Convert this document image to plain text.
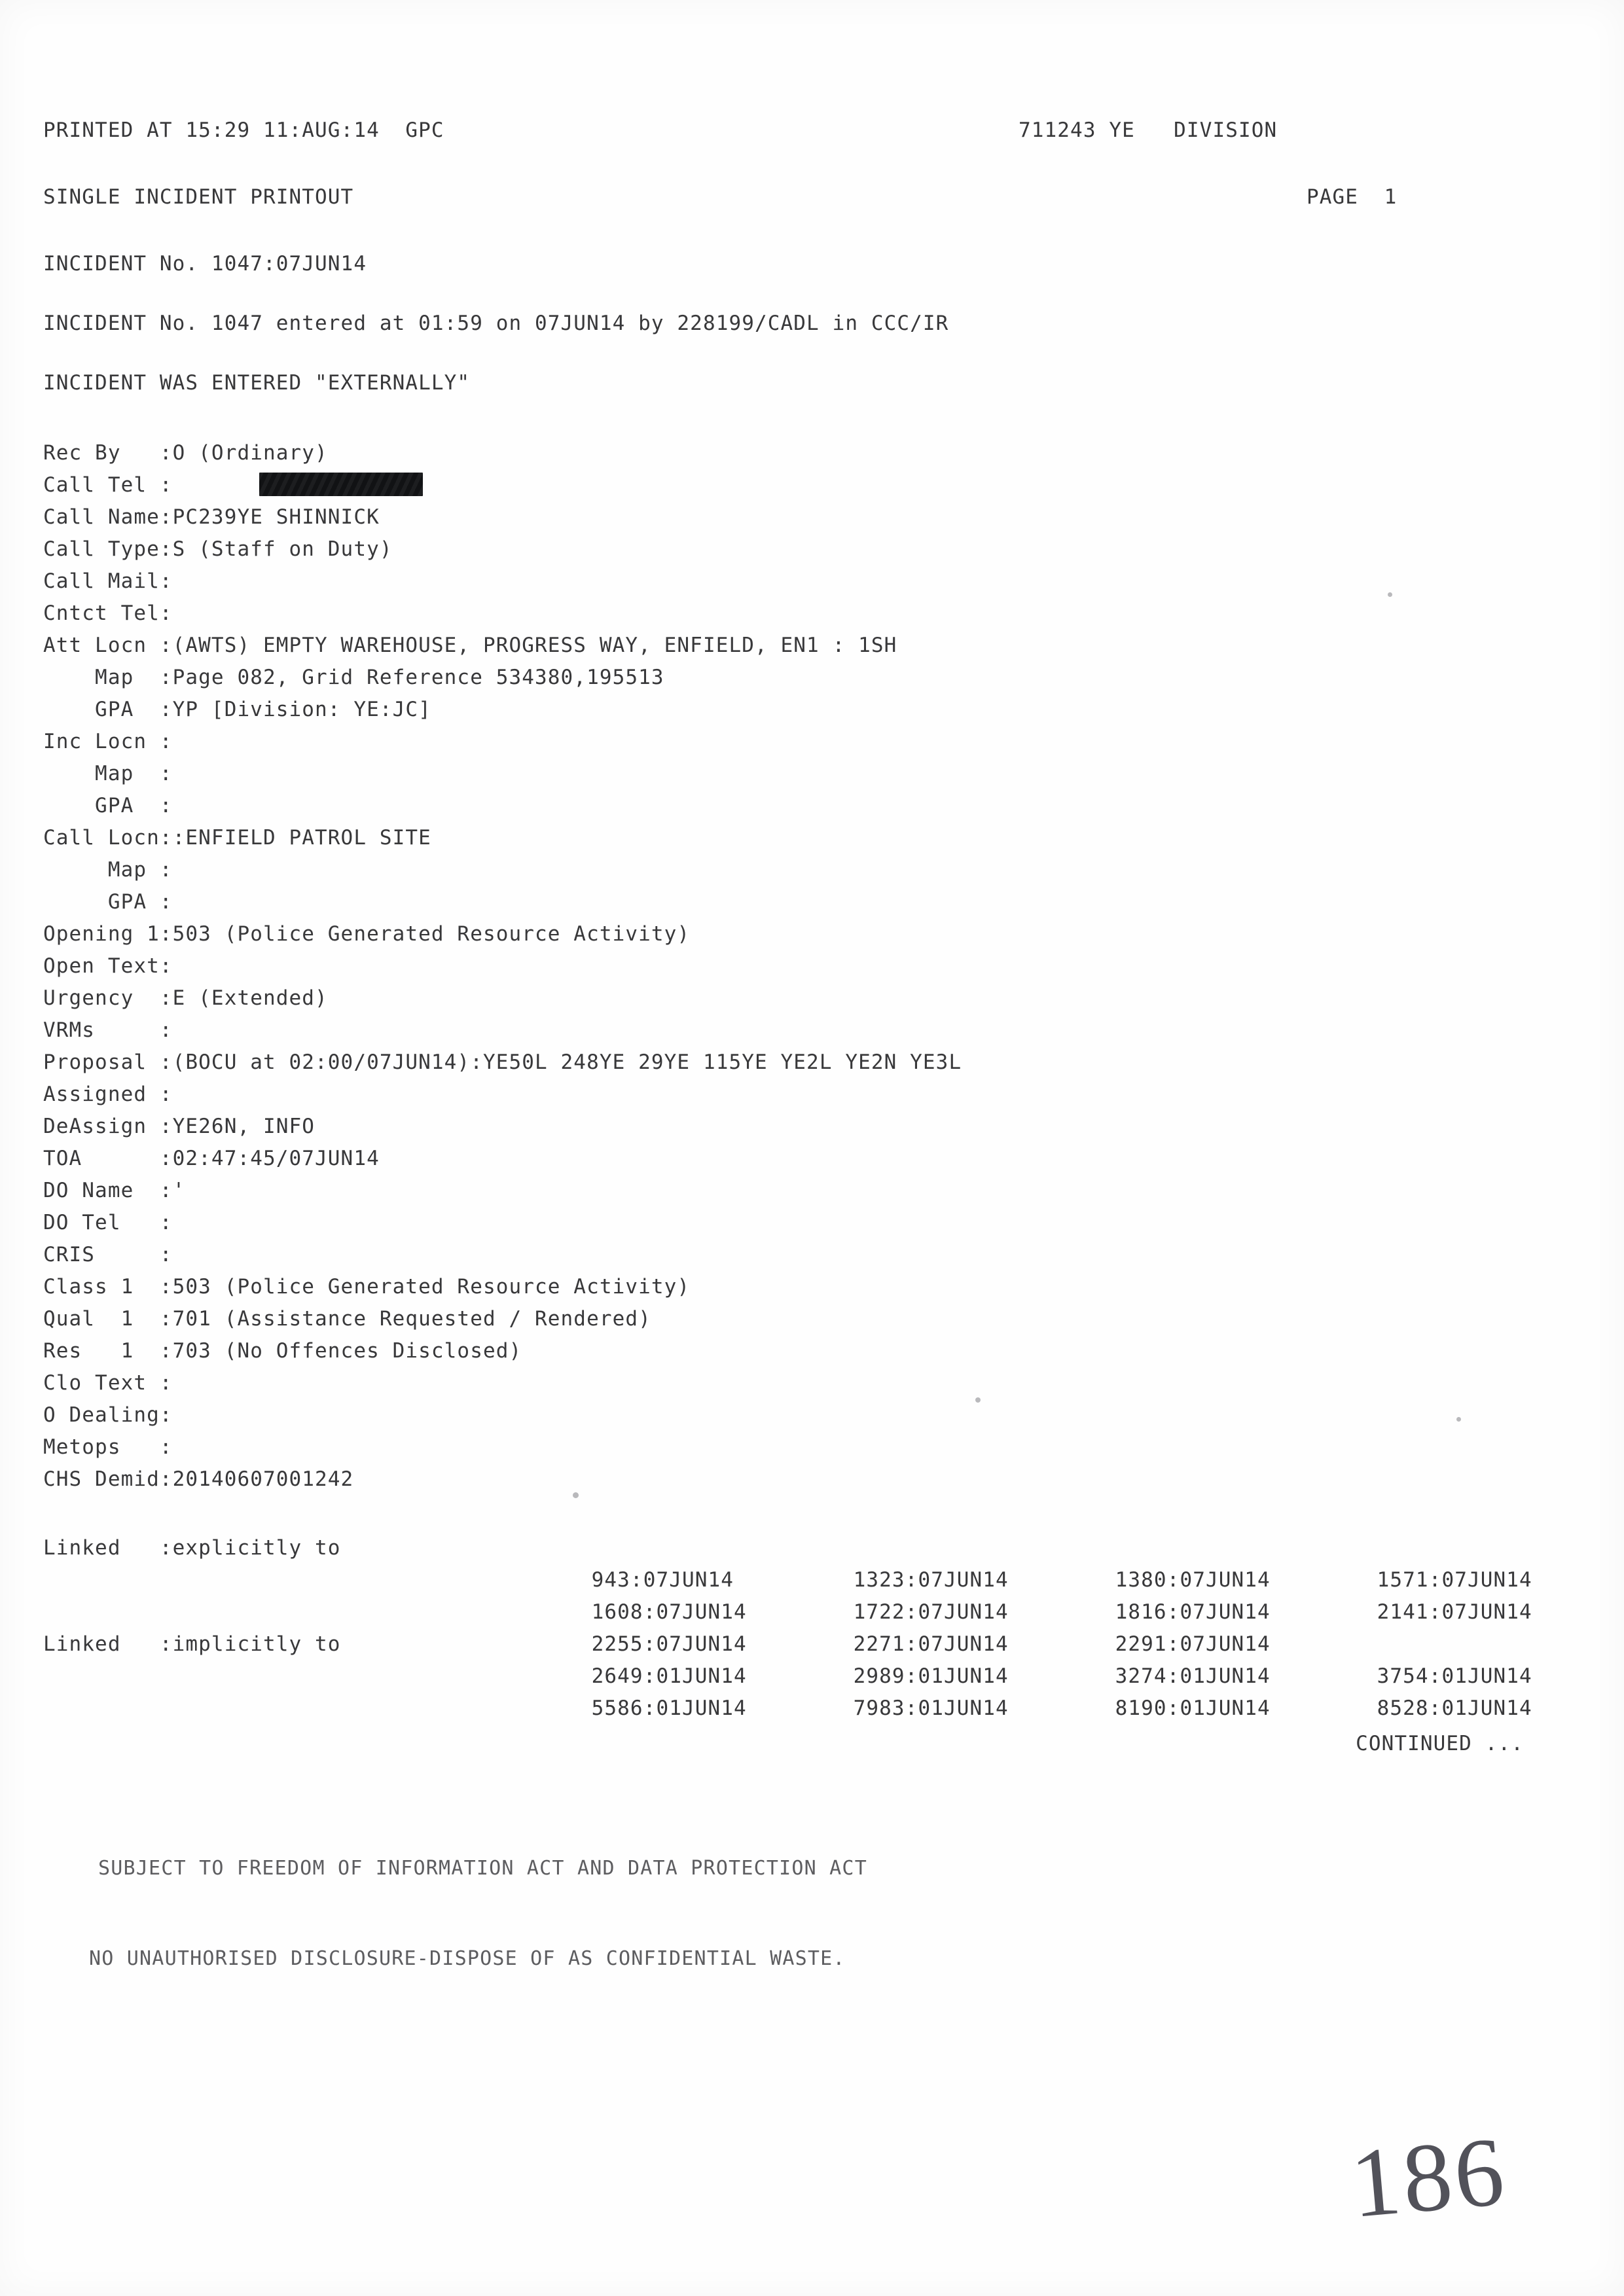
PRINTED AT 15:29 11:AUG:14  GPC	711243 YE   DIVISION
SINGLE INCIDENT PRINTOUT	PAGE  1
INCIDENT No. 1047:07JUN14
INCIDENT No. 1047 entered at 01:59 on 07JUN14 by 228199/CADL in CCC/IR
INCIDENT WAS ENTERED "EXTERNALLY"
Rec By   :O (Ordinary)
Call Tel :
Call Name:PC239YE SHINNICK
Call Type:S (Staff on Duty)
Call Mail:
Cntct Tel:
Att Locn :(AWTS) EMPTY WAREHOUSE, PROGRESS WAY, ENFIELD, EN1 : 1SH
Map  :Page 082, Grid Reference 534380,195513
GPA  :YP [Division: YE:JC]
Inc Locn :
Map  :
GPA  :
Call Locn::ENFIELD PATROL SITE
Map :
GPA :
Opening 1:503 (Police Generated Resource Activity)
Open Text:
Urgency  :E (Extended)
VRMs     :
Proposal :(BOCU at 02:00/07JUN14):YE50L 248YE 29YE 115YE YE2L YE2N YE3L
Assigned :
DeAssign :YE26N, INFO
TOA      :02:47:45/07JUN14
DO Name  :'
DO Tel   :
CRIS     :
Class 1  :503 (Police Generated Resource Activity)
Qual  1  :701 (Assistance Requested / Rendered)
Res   1  :703 (No Offences Disclosed)
Clo Text :
O Dealing:
Metops   :
CHS Demid:20140607001242
Linked   :explicitly to

943:07JUN14	1323:07JUN14	1380:07JUN14	1571:07JUN14

1608:07JUN14	1722:07JUN14	1816:07JUN14	2141:07JUN14

2255:07JUN14	2271:07JUN14	2291:07JUN14

Linked   :implicitly to

2649:01JUN14	2989:01JUN14	3274:01JUN14	3754:01JUN14

5586:01JUN14	7983:01JUN14	8190:01JUN14	8528:01JUN14

CONTINUED ...

SUBJECT TO FREEDOM OF INFORMATION ACT AND DATA PROTECTION ACT

NO UNAUTHORISED DISCLOSURE-DISPOSE OF AS CONFIDENTIAL WASTE.

186
